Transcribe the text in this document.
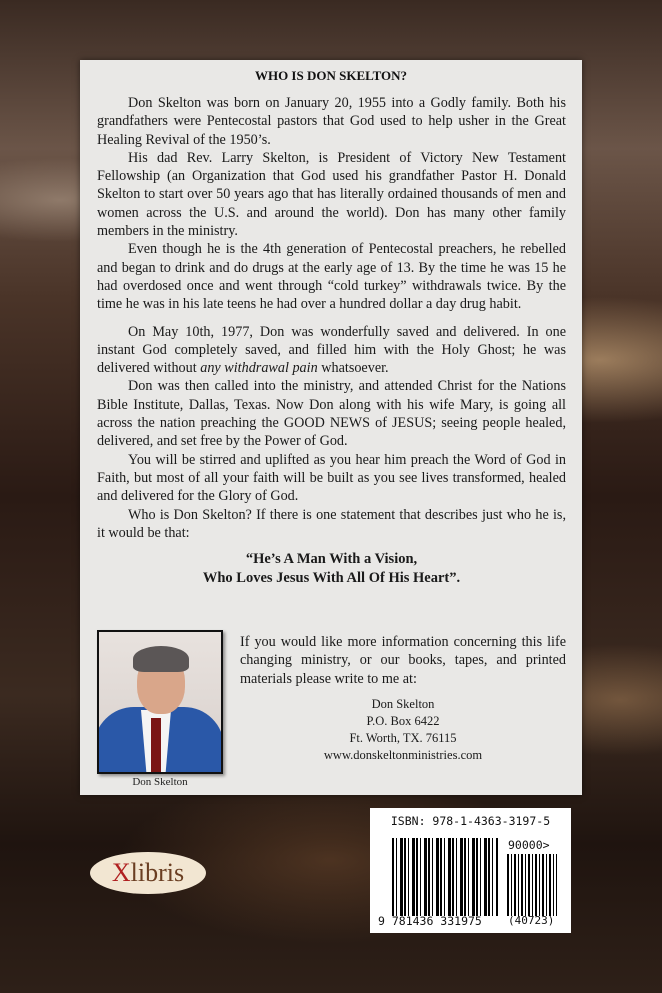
WHO IS DON SKELTON?

Don Skelton was born on January 20, 1955 into a Godly family. Both his grandfathers were Pentecostal pastors that God used to help usher in the Great Healing Revival of the 1950’s.

His dad Rev. Larry Skelton, is President of Victory New Testament Fellowship (an Organization that God used his grandfather Pastor H. Donald Skelton to start over 50 years ago that has literally ordained thousands of men and women across the U.S. and around the world). Don has many other family members in the ministry.

Even though he is the 4th generation of Pentecostal preachers, he rebelled and began to drink and do drugs at the early age of 13. By the time he was 15 he had overdosed once and went through “cold turkey” withdrawals twice. By the time he was in his late teens he had over a hundred dollar a day drug habit.

On May 10th, 1977, Don was wonderfully saved and delivered. In one instant God completely saved, and filled him with the Holy Ghost; he was delivered without any withdrawal pain whatsoever.

Don was then called into the ministry, and attended Christ for the Nations Bible Institute, Dallas, Texas. Now Don along with his wife Mary, is going all across the nation preaching the GOOD NEWS of JESUS; seeing people healed, delivered, and set free by the Power of God.

You will be stirred and uplifted as you hear him preach the Word of God in Faith, but most of all your faith will be built as you see lives transformed, healed and delivered for the Glory of God.

Who is Don Skelton? If there is one statement that describes just who he is, it would be that:

“He’s A Man With a Vision,
Who Loves Jesus With All Of His Heart”.
Don Skelton
If you would like more information concerning this life changing ministry, or our books, tapes, and printed materials please write to me at:
Don Skelton
P.O. Box 6422
Ft. Worth, TX. 76115
www.donskeltonministries.com
Xlibris
ISBN: 978-1-4363-3197-5
90000>
9 781436 331975 (40723)
